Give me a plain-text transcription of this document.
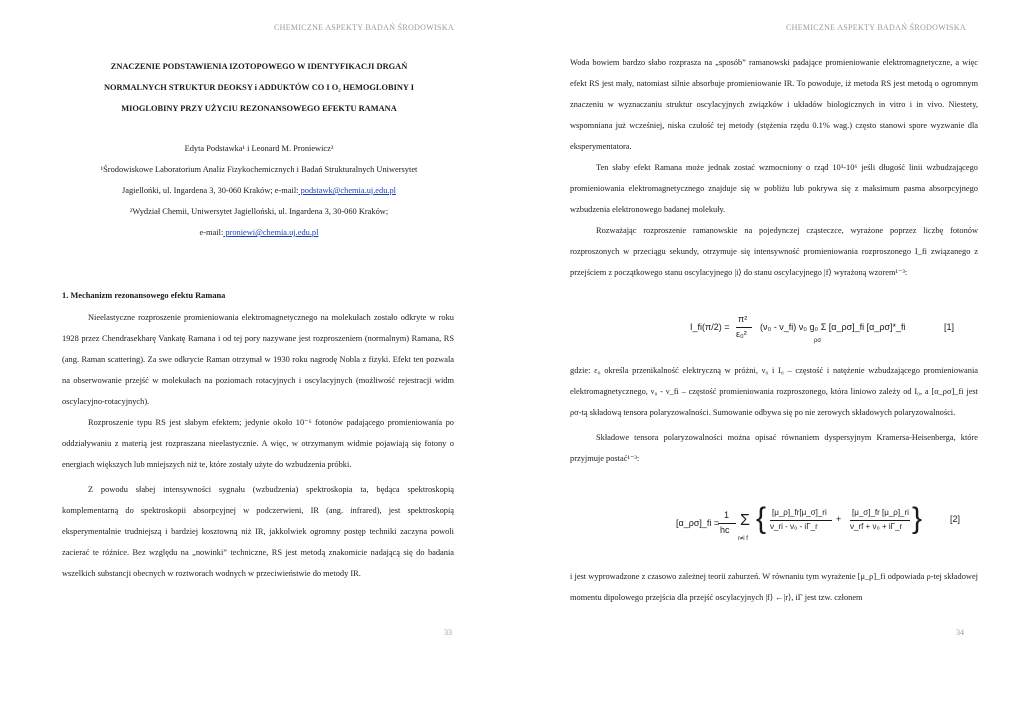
CHEMICZNE ASPEKTY BADAŃ ŚRODOWISKA

ZNACZENIE PODSTAWIENIA IZOTOPOWEGO W IDENTYFIKACJI DRGAŃ

NORMALNYCH STRUKTUR DEOKSY i ADDUKTÓW CO I O₂ HEMOGLOBINY I

MIOGLOBINY PRZY UŻYCIU REZONANSOWEGO EFEKTU RAMANA

Edyta Podstawka¹ i Leonard M. Proniewicz²

¹Środowiskowe Laboratorium Analiz Fizykochemicznych i Badań Strukturalnych Uniwersytet

Jagiellońki, ul. Ingardena 3, 30-060 Kraków; e-mail: podstawk@chemia.uj.edu.pl

²Wydział Chemii, Uniwersytet Jagielloński, ul. Ingardena 3, 30-060 Kraków;

e-mail: proniewi@chemia.uj.edu.pl

1. Mechanizm rezonansowego efektu Ramana

Nieelastyczne rozproszenie promieniowania elektromagnetycznego na molekułach zostało odkryte w roku 1928 przez Chendrasekharę Vankatę Ramana i od tej pory nazywane jest rozproszeniem (normalnym) Ramana, RS (ang. Raman scattering). Za swe odkrycie Raman otrzymał w 1930 roku nagrodę Nobla z fizyki. Efekt ten pozwala na obserwowanie przejść w molekułach na poziomach rotacyjnych i oscylacyjnych (możliwość rejestracji widm oscylacyjno-rotacyjnych).

Rozproszenie typu RS jest słabym efektem; jedynie około 10⁻⁶ fotonów padającego promieniowania po oddziaływaniu z materią jest rozpraszana nieelastycznie. A więc, w otrzymanym widmie pojawiają się fotony o energiach większych lub mniejszych niż te, które zostały użyte do wzbudzenia próbki.

Z powodu słabej intensywności sygnału (wzbudzenia) spektroskopia ta, będąca spektroskopią komplementarną do spektroskopii absorpcyjnej w podczerwieni, IR (ang. infrared), jest spektroskopią eksperymentalnie trudniejszą i bardziej kosztowną niż IR, jakkolwiek ogromny postęp techniki zaczyna powoli zacierać te różnice. Bez względu na „nowinki” techniczne, RS jest metodą znakomicie nadającą się do badania wszelkich substancji obecnych w roztworach wodnych w przeciwieństwie do metody IR.

33
CHEMICZNE ASPEKTY BADAŃ ŚRODOWISKA

Woda bowiem bardzo słabo rozprasza na „sposób” ramanowski padające promieniowanie elektromagnetyczne, a więc efekt RS jest mały, natomiast silnie absorbuje promieniowanie IR. To powoduje, iż metoda RS jest metodą o ogromnym znaczeniu w wyznaczaniu struktur oscylacyjnych związków i układów biologicznych in vitro i in vivo. Niestety, wspomniana już wcześniej, niska czułość tej metody (stężenia rzędu 0.1% wag.) często stanowi spore wyzwanie dla eksperymentatora.

Ten słaby efekt Ramana może jednak zostać wzmocniony o rząd 10³-10⁶ jeśli długość linii wzbudzającego promieniowania elektromagnetycznego znajduje się w pobliżu lub pokrywa się z maksimum pasma absorpcyjnego wzbudzenia elektronowego badanej molekuły.

Rozważając rozproszenie ramanowskie na pojedynczej cząsteczce, wyrażone poprzez liczbę fotonów rozproszonych w przeciągu sekundy, otrzymuje się intensywność promieniowania rozproszonego I_fi związanego z przejściem z początkowego stanu oscylacyjnego |i⟩ do stanu oscylacyjnego |f⟩ wyrażoną wzorem¹⁻³:

I_fi(π/2) =
π²
ε₀²
(ν₀ - ν_fi) ν₀ g₀ Σ [α_ρσ]_fi [α_ρσ]*_fi
ρσ
[1]

gdzie: ε₀ określa przenikalność elektryczną w próżni, ν₀ i I₀ – częstość i natężenie wzbudzającego promieniowania elektromagnetycznego, ν₀ - ν_fi – częstość promieniowania rozproszonego, która liniowo zależy od I₀, a [α_ρσ]_fi jest ρσ-tą składową tensora polaryzowalności. Sumowanie odbywa się po nie zerowych składowych polaryzowalności.

Składowe tensora polaryzowalności można opisać równaniem dyspersyjnym Kramersa-Heisenberga, które przyjmuje postać¹⁻³:

[α_ρσ]_fi =
1
hc
Σ
r≠i f
{ [μ_ρ]_fr[μ_σ]_ri
ν_ri - ν₀ - iΓ_r
+
[μ_σ]_fr [μ_ρ]_ri
ν_rf + ν₀ + iΓ_r }	[2]

i jest wyprowadzone z czasowo zależnej teorii zaburzeń. W równaniu tym wyrażenie [μ_ρ]_fi odpowiada ρ-tej składowej momentu dipolowego przejścia dla przejść oscylacyjnych |f⟩ ←|r⟩, iΓ jest tzw. członem

34
